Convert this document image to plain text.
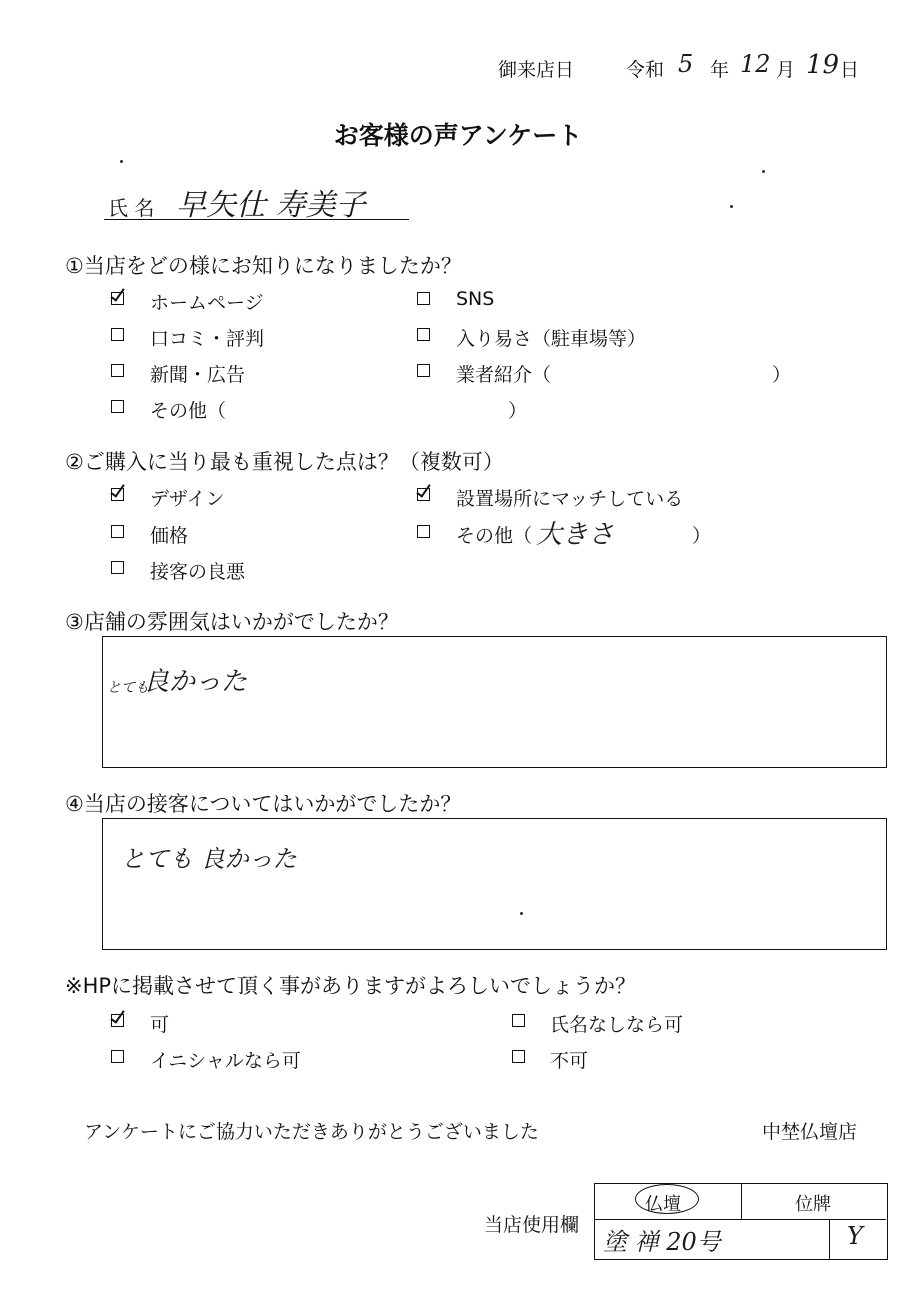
御来店日	令和 5 年 12 月 19 日
お客様の声アンケート
氏 名 早矢仕 寿美子
①当店をどの様にお知りになりましたか？
ホームページ	SNS
口コミ・評判	入り易さ（駐車場等）
新聞・広告	業者紹介（	）
その他（	）
②ご購入に当り最も重視した点は？（複数可）
デザイン	設置場所にマッチしている
価格	その他（ 大きさ	）
接客の良悪
③店舗の雰囲気はいかがでしたか？
とても
良かった
④当店の接客についてはいかがでしたか？
とても 良かった
※HPに掲載させて頂く事がありますがよろしいでしょうか？
可	氏名なしなら可
イニシャルなら可	不可
アンケートにご協力いただきありがとうございました	中埜仏壇店
当店使用欄
仏壇	位牌
塗 禅 20号	Y
